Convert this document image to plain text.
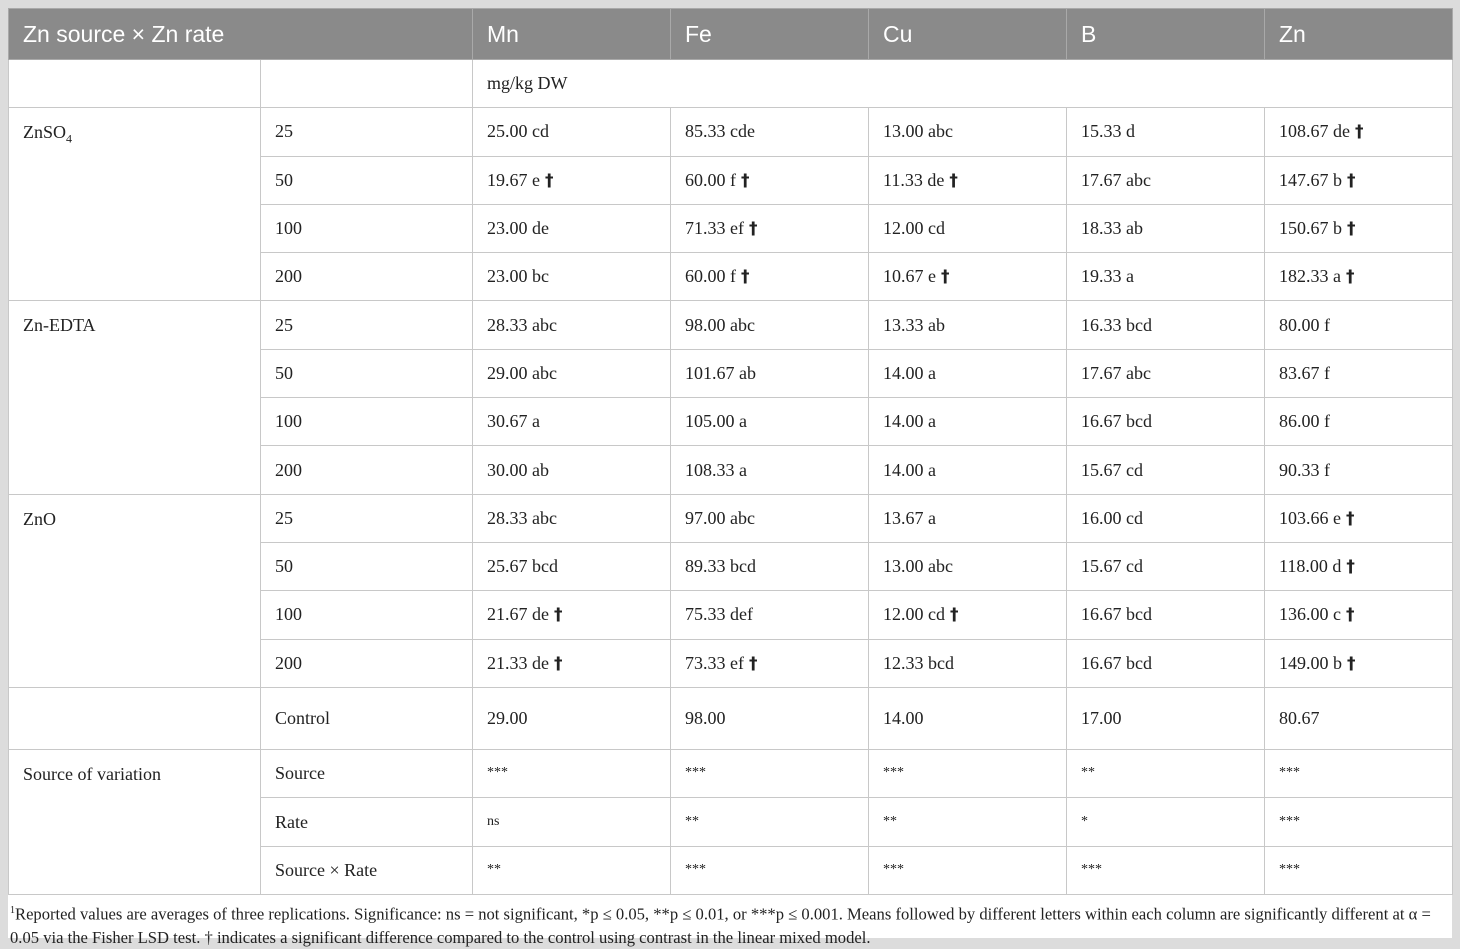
Zn source × Zn rate		Mn	Fe	Cu	B	Zn
		mg/kg DW				
ZnSO$_4$	25	25.00 cd	85.33 cde	13.00 abc	15.33 d	108.67 de †
	50	19.67 e †	60.00 f †	11.33 de †	17.67 abc	147.67 b †
	100	23.00 de	71.33 ef †	12.00 cd	18.33 ab	150.67 b †
	200	23.00 bc	60.00 f †	10.67 e †	19.33 a	182.33 a †
Zn-EDTA	25	28.33 abc	98.00 abc	13.33 ab	16.33 bcd	80.00 f
	50	29.00 abc	101.67 ab	14.00 a	17.67 abc	83.67 f
	100	30.67 a	105.00 a	14.00 a	16.67 bcd	86.00 f
	200	30.00 ab	108.33 a	14.00 a	15.67 cd	90.33 f
ZnO	25	28.33 abc	97.00 abc	13.67 a	16.00 cd	103.66 e †
	50	25.67 bcd	89.33 bcd	13.00 abc	15.67 cd	118.00 d †
	100	21.67 de †	75.33 def	12.00 cd †	16.67 bcd	136.00 c †
	200	21.33 de †	73.33 ef †	12.33 bcd	16.67 bcd	149.00 b †
	Control	29.00	98.00	14.00	17.00	80.67
Source of variation	Source	***	***	***	**	***
	Rate	ns	**	**	*	***
	Source × Rate	**	***	***	***	***
$^1$Reported values are averages of three replications. Significance: ns = not significant, *p ≤ 0.05, **p ≤ 0.01, or ***p ≤ 0.001. Means followed by different letters within each column are significantly different at α = 0.05 via the Fisher LSD test. † indicates a significant difference compared to the control using contrast in the linear mixed model.
